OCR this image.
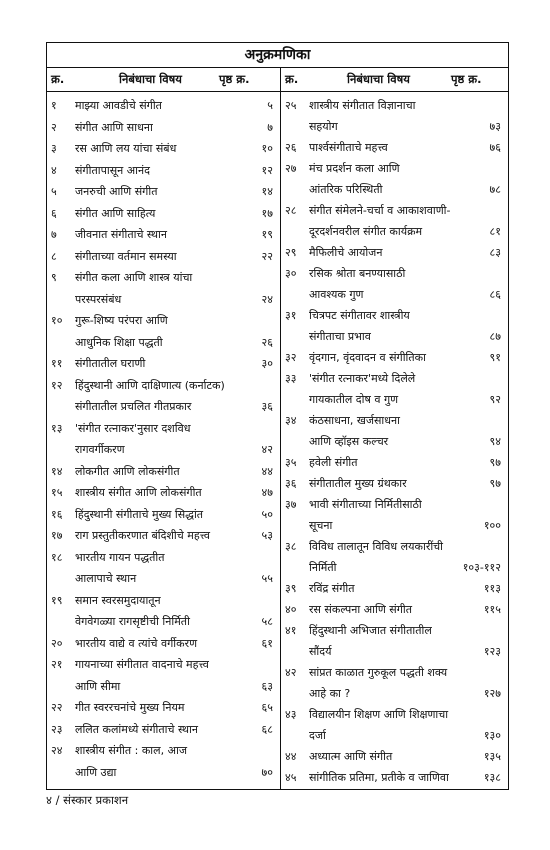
अनुक्रमणिका
क्र.	निबंधाचा विषय	पृष्ठ क्र.	क्र.	निबंधाचा विषय	पृष्ठ क्र.
१	माझ्या आवडीचे संगीत	५
२	संगीत आणि साधना	७
३	रस आणि लय यांचा संबंध	१०
४	संगीतापासून आनंद	१२
५	जनरुची आणि संगीत	१४
६	संगीत आणि साहित्य	१७
७	जीवनात संगीताचे स्थान	१९
८	संगीताच्या वर्तमान समस्या	२२
९	संगीत कला आणि शास्त्र यांचा
परस्परसंबंध	२४
१०	गुरू-शिष्य परंपरा आणि
आधुनिक शिक्षा पद्धती	२६
११	संगीतातील घराणी	३०
१२	हिंदुस्थानी आणि दाक्षिणात्य (कर्नाटक)
संगीतातील प्रचलित गीतप्रकार	३६
१३	'संगीत रत्नाकर'नुसार दशविध
रागवर्गीकरण	४२
१४	लोकगीत आणि लोकसंगीत	४४
१५	शास्त्रीय संगीत आणि लोकसंगीत	४७
१६	हिंदुस्थानी संगीताचे मुख्य सिद्धांत	५०
१७	राग प्रस्तुतीकरणात बंदिशीचे महत्त्व	५३
१८	भारतीय गायन पद्धतीत
आलापाचे स्थान	५५
१९	समान स्वरसमुदायातून
वेगवेगळ्या रागसृष्टीची निर्मिती	५८
२०	भारतीय वाद्ये व त्यांचे वर्गीकरण	६१
२१	गायनाच्या संगीतात वादनाचे महत्त्व
आणि सीमा	६३
२२	गीत स्वररचनांचे मुख्य नियम	६५
२३	ललित कलांमध्ये संगीताचे स्थान	६८
२४	शास्त्रीय संगीत : काल, आज
आणि उद्या	७०
२५	शास्त्रीय संगीतात विज्ञानाचा
सहयोग	७३
२६	पार्श्वसंगीताचे महत्त्व	७६
२७	मंच प्रदर्शन कला आणि
आंतरिक परिस्थिती	७८
२८	संगीत संमेलने-चर्चा व आकाशवाणी-
दूरदर्शनवरील संगीत कार्यक्रम	८१
२९	मैफिलीचे आयोजन	८३
३०	रसिक श्रोता बनण्यासाठी
आवश्यक गुण	८६
३१	चित्रपट संगीतावर शास्त्रीय
संगीताचा प्रभाव	८७
३२	वृंदगान, वृंदवादन व संगीतिका	९१
३३	'संगीत रत्नाकर'मध्ये दिलेले
गायकातील दोष व गुण	९२
३४	कंठसाधना, खर्जसाधना
आणि व्हॉइस कल्चर	९४
३५	हवेली संगीत	९७
३६	संगीतातील मुख्य ग्रंथकार	९७
३७	भावी संगीताच्या निर्मितीसाठी
सूचना	१००
३८	विविध तालातून विविध लयकारींची
निर्मिती	१०३-११२
३९	रविंद्र संगीत	११३
४०	रस संकल्पना आणि संगीत	११५
४१	हिंदुस्थानी अभिजात संगीतातील
सौंदर्य	१२३
४२	सांप्रत काळात गुरुकूल पद्धती शक्य
आहे का ?	१२७
४३	विद्यालयीन शिक्षण आणि शिक्षणाचा
दर्जा	१३०
४४	अध्यात्म आणि संगीत	१३५
४५	सांगीतिक प्रतिमा, प्रतीके व जाणिवा	१३८
४ / संस्कार प्रकाशन
